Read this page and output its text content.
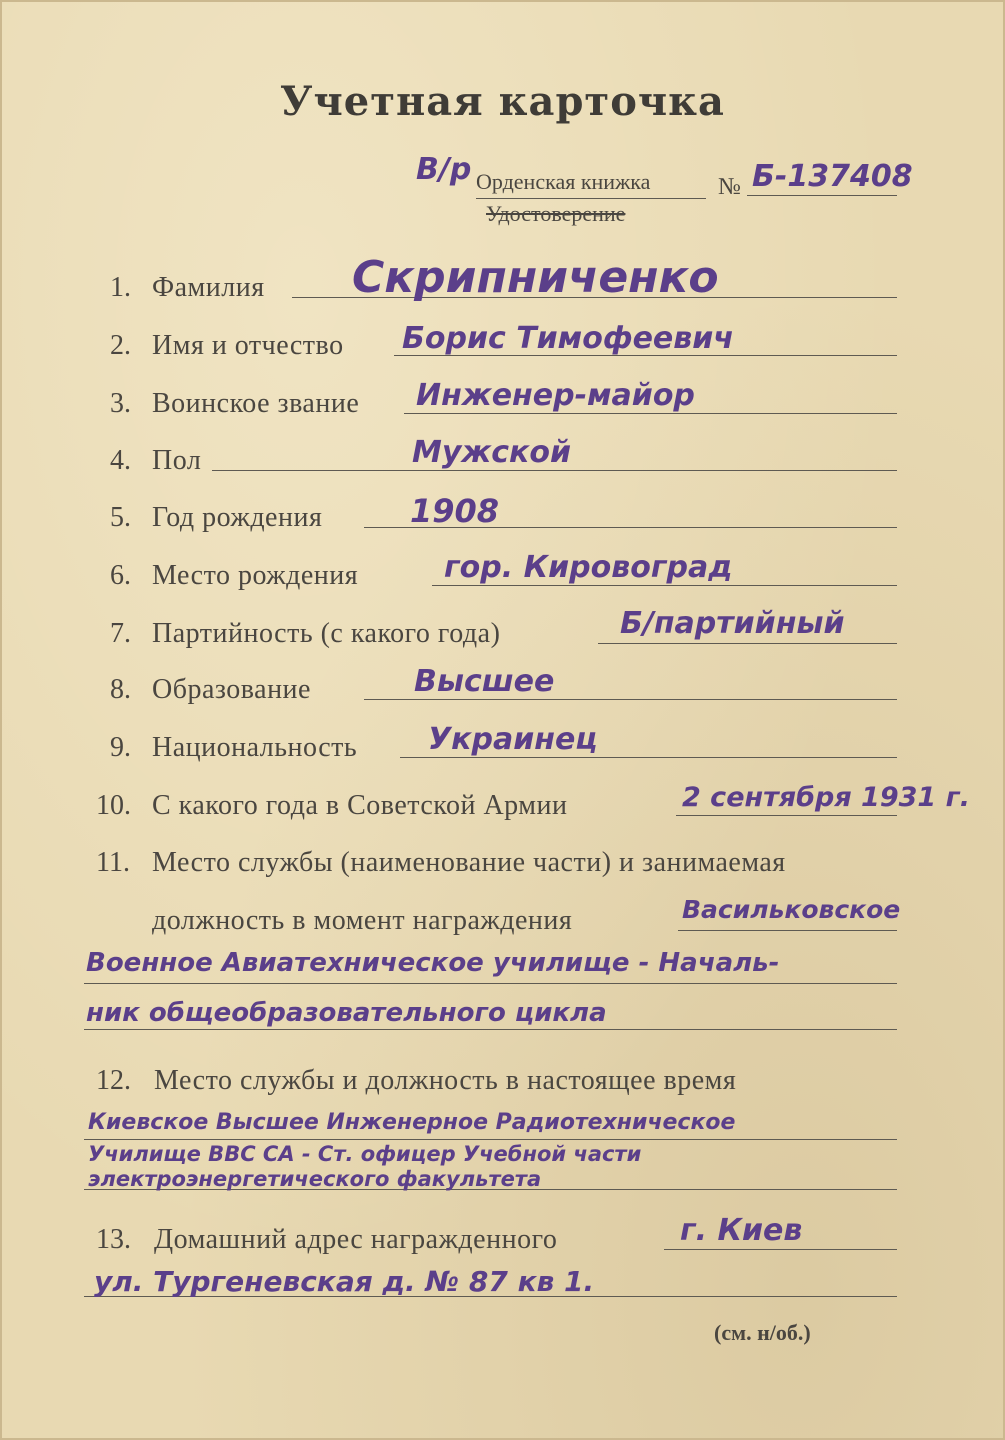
Учетная карточка
В/р Орденская книжка
Удостоверение
№ Б-137408
1. Фамилия Скрипниченко
2. Имя и отчество Борис Тимофеевич
3. Воинское звание Инженер-майор
4. Пол	Мужской
5. Год рождения	1908
6. Место рождения	гор. Кировоград
7. Партийность (с какого года)	Б/партийный
8. Образование	Высшее
9. Национальность Украинец
10. С какого года в Советской Армии	2 сентября 1931 г.
11. Место службы (наименование части) и занимаемая
должность в момент награждения	Васильковское
Военное Авиатехническое училище - Началь-
ник общеобразовательного цикла
12. Место службы и должность в настоящее время
Киевское Высшее Инженерное Радиотехническое
Училище ВВС СА - Ст. офицер Учебной части
электроэнергетического факультета
13. Домашний адрес награжденного	г. Киев
ул. Тургеневская д. № 87 кв 1.
(см. н/об.)
